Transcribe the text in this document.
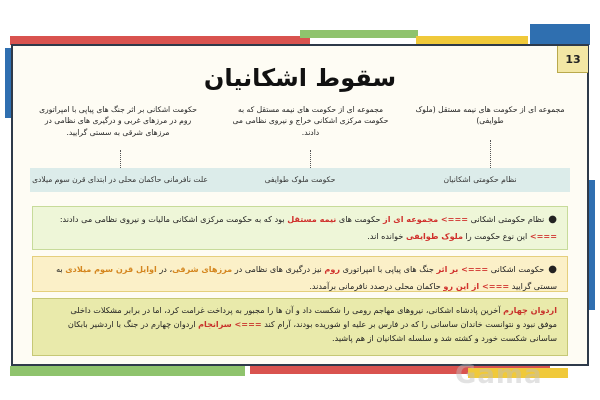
13
سقوط اشکانیان
مجموعه ای از حکومت های نیمه مستقل (ملوک طوایفی)
مجموعه ای از حکومت های نیمه مستقل که به حکومت مرکزی اشکانی خراج و نیروی نظامی می دادند.
حکومت اشکانی بر اثر جنگ های پیاپی با امپراتوری روم در مرزهای غربی و درگیری های نظامی در مرزهای شرقی به سستی گرایید.
نظام حکومتی اشکانیان
حکومت ملوک طوایفی
علت نافرمانی حاکمان محلی در ابتدای قرن سوم میلادی
●نظام حکومتی اشکانی ===> مجموعه ای از حکومت های نیمه مستقل بود که به حکومت مرکزی اشکانی مالیات و نیروی نظامی می دادند: ===> این نوع حکومت را ملوک طوایفی خوانده اند.
●حکومت اشکانی ===> بر اثر جنگ های پیاپی با امپراتوری روم نیز درگیری های نظامی در مرزهای شرقی، در اوایل قرن سوم میلادی به سستی گرایید ===> از این رو حاکمان محلی درصدد نافرمانی برآمدند.
اردوان چهارم آخرین پادشاه اشکانی، نیروهای مهاجم رومی را شکست داد و آن ها را مجبور به پرداخت غرامت کرد، اما در برابر مشکلات داخلی موفق نبود و نتوانست خاندان ساسانی را که در فارس بر علیه او شوریده بودند، آرام کند ===> سرانجام اردوان چهارم در جنگ با اردشیر بابکان ساسانی شکست خورد و کشته شد و سلسله اشکانیان از هم پاشید.
Gama
